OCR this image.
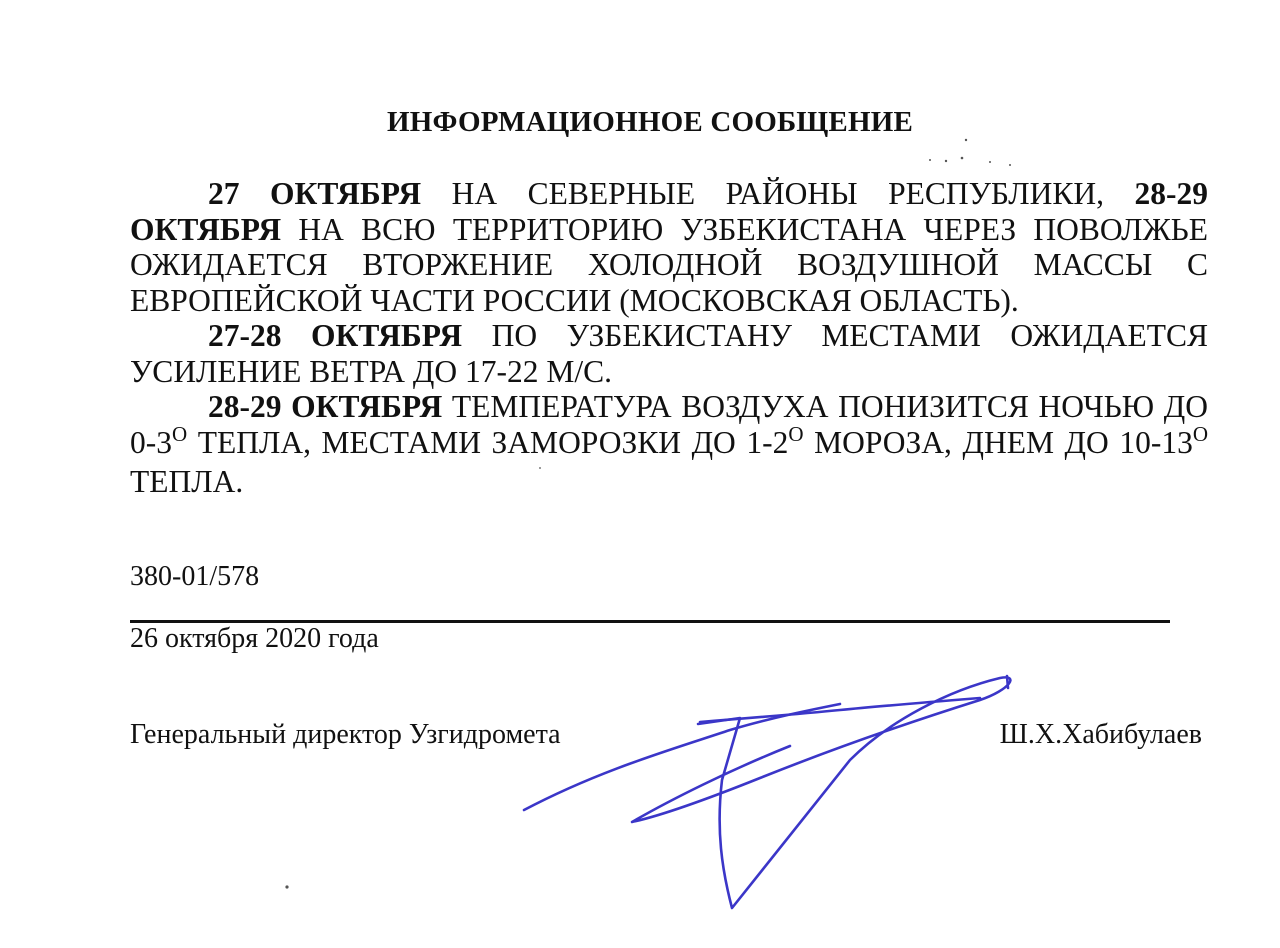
ИНФОРМАЦИОННОЕ СООБЩЕНИЕ

27 ОКТЯБРЯ НА СЕВЕРНЫЕ РАЙОНЫ РЕСПУБЛИКИ, 28-29 ОКТЯБРЯ НА ВСЮ ТЕРРИТОРИЮ УЗБЕКИСТАНА ЧЕРЕЗ ПОВОЛЖЬЕ ОЖИДАЕТСЯ ВТОРЖЕНИЕ ХОЛОДНОЙ ВОЗДУШНОЙ МАССЫ С ЕВРОПЕЙСКОЙ ЧАСТИ РОССИИ (МОСКОВСКАЯ ОБЛАСТЬ).

27-28 ОКТЯБРЯ ПО УЗБЕКИСТАНУ МЕСТАМИ ОЖИДАЕТСЯ УСИЛЕНИЕ ВЕТРА ДО 17-22 М/С.

28-29 ОКТЯБРЯ ТЕМПЕРАТУРА ВОЗДУХА ПОНИЗИТСЯ НОЧЬЮ ДО $0-3^О$ ТЕПЛА, МЕСТАМИ ЗАМОРОЗКИ ДО $1-2^О$ МОРОЗА, ДНЕМ ДО $10-13^О$ ТЕПЛА.

380-01/578
26 октября 2020 года
Генеральный директор Узгидромета	Ш.Х.Хабибулаев
